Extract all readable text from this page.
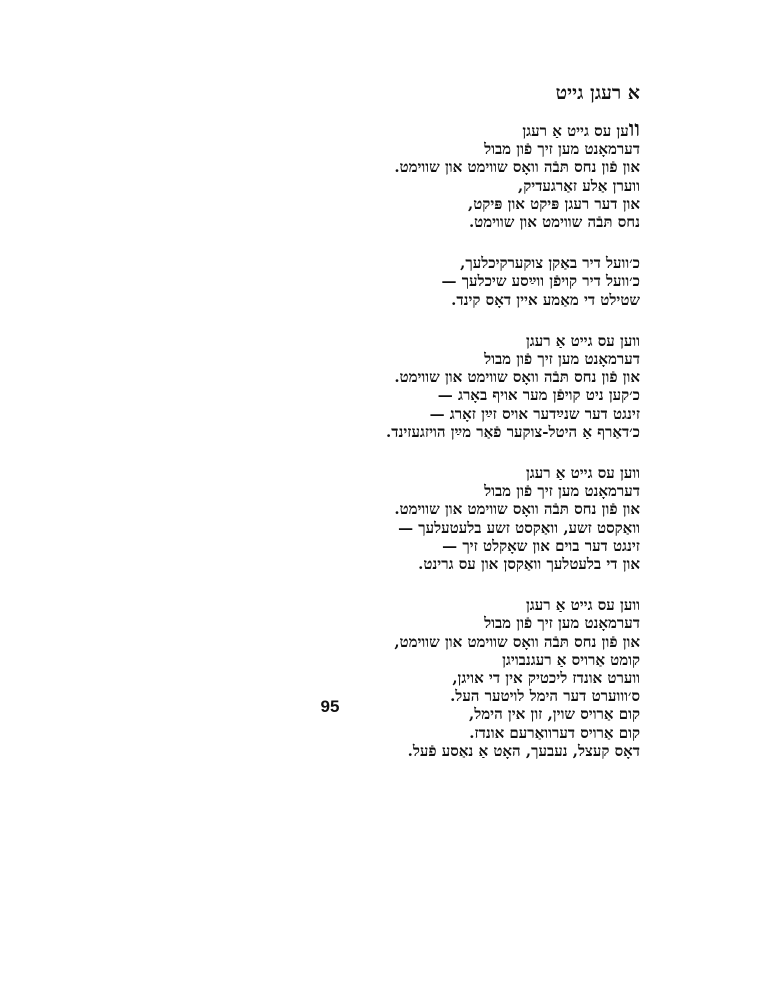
א רעגן גייט
ווען עס גייט אַ רעגן
דערמאָנט מען זיך פֿון מבול
און פֿון נחס תּבֿה וואָס שווימט און שווימט.
ווערן אַלע זאַרגעדיק,
און דער רעגן פּיקט און פּיקט,
נחס תּבֿה שווימט און שווימט.
כ׳וועל דיר באַקן צוקערקיכלעך,
כ׳וועל דיר קויפֿן ווײַסע שיכלעך —
שטילט די מאַמע איין דאָס קינד.
ווען עס גייט אַ רעגן
דערמאָנט מען זיך פֿון מבול
און פֿון נחס תּבֿה וואָס שווימט און שווימט.
כ׳קען ניט קויפֿן מער אויף באָרג —
זינגט דער שנײַדער אויס זײַן זאָרג —
כ׳דאַרף אַ היטל-צוקער פֿאַר מײַן הויזגעזינד.
ווען עס גייט אַ רעגן
דערמאָנט מען זיך פֿון מבול
און פֿון נחס תּבֿה וואָס שווימט און שווימט.
וואַקסט זשע, וואַקסט זשע בלעטעלעך —
זינגט דער בוים און שאָקלט זיך —
און די בלעטלעך וואַקסן און עס גרינט.
ווען עס גייט אַ רעגן
דערמאָנט מען זיך פֿון מבול
און פֿון נחס תּבֿה וואָס שווימט און שווימט,
קומט אַרויס אַ רעגנבויגן
ווערט אונדז ליכטיק אין די אויגן,
ס׳וווערט דער הימל לויטער העל.
קום אַרויס שוין, זון אין הימל,
קום אַרויס דערוואַרעם אונדז.
דאָס קעצל, נעבעך, האָט אַ נאַסע פֿעל.
95
